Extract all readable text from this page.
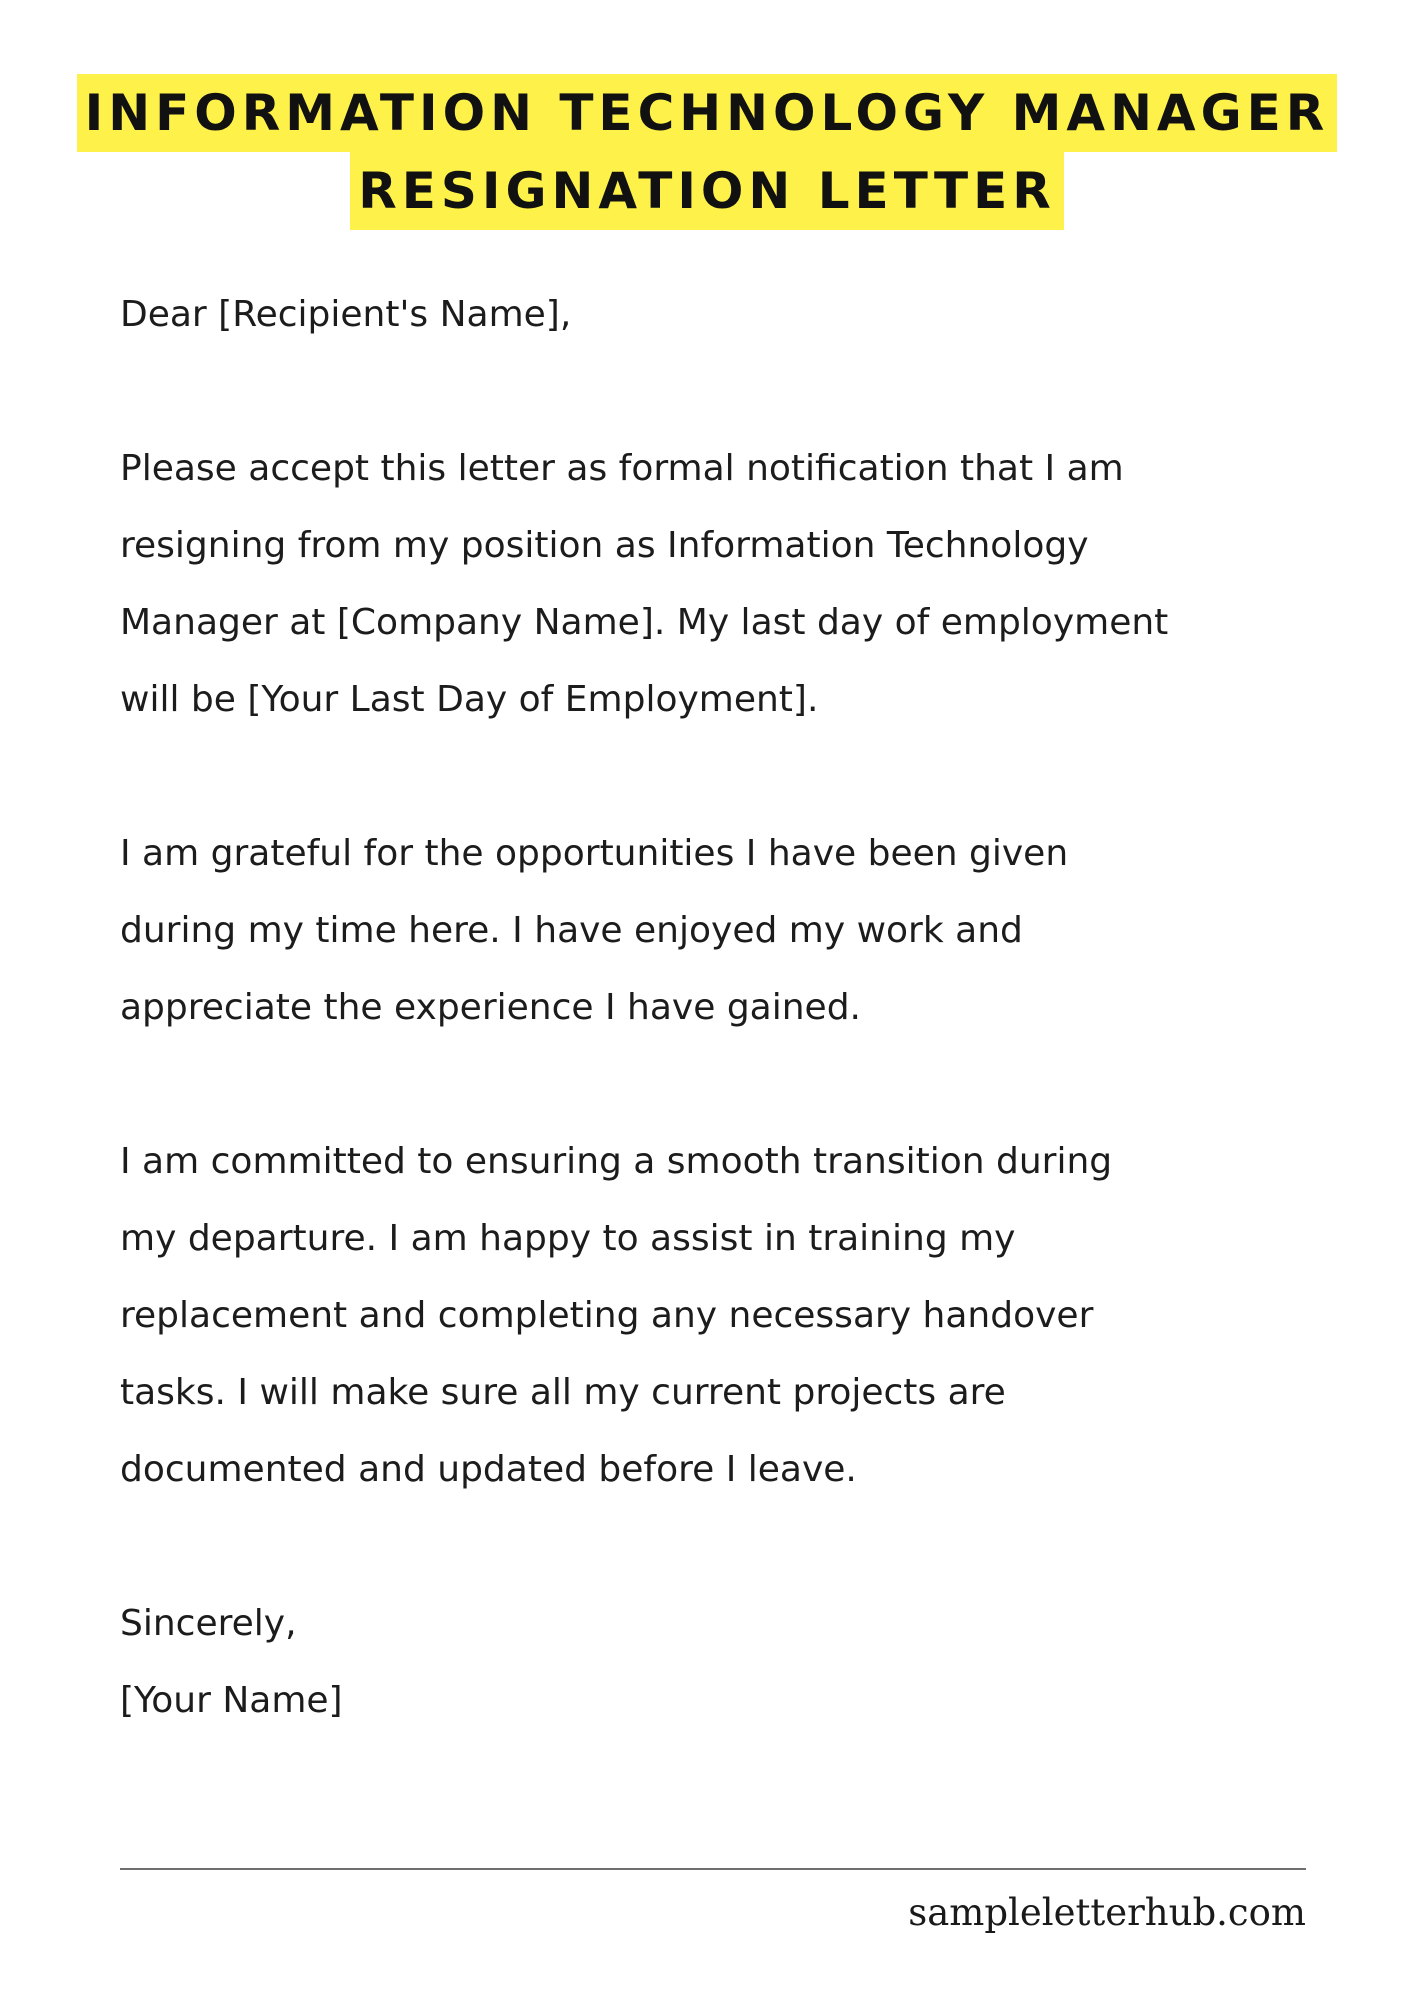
INFORMATION TECHNOLOGY MANAGER
RESIGNATION LETTER

Dear [Recipient's Name],

Please accept this letter as formal notification that I am
resigning from my position as Information Technology
Manager at [Company Name]. My last day of employment
will be [Your Last Day of Employment].

I am grateful for the opportunities I have been given
during my time here. I have enjoyed my work and
appreciate the experience I have gained.

I am committed to ensuring a smooth transition during
my departure. I am happy to assist in training my
replacement and completing any necessary handover
tasks. I will make sure all my current projects are
documented and updated before I leave.

Sincerely,
[Your Name]

sampleletterhub.com
